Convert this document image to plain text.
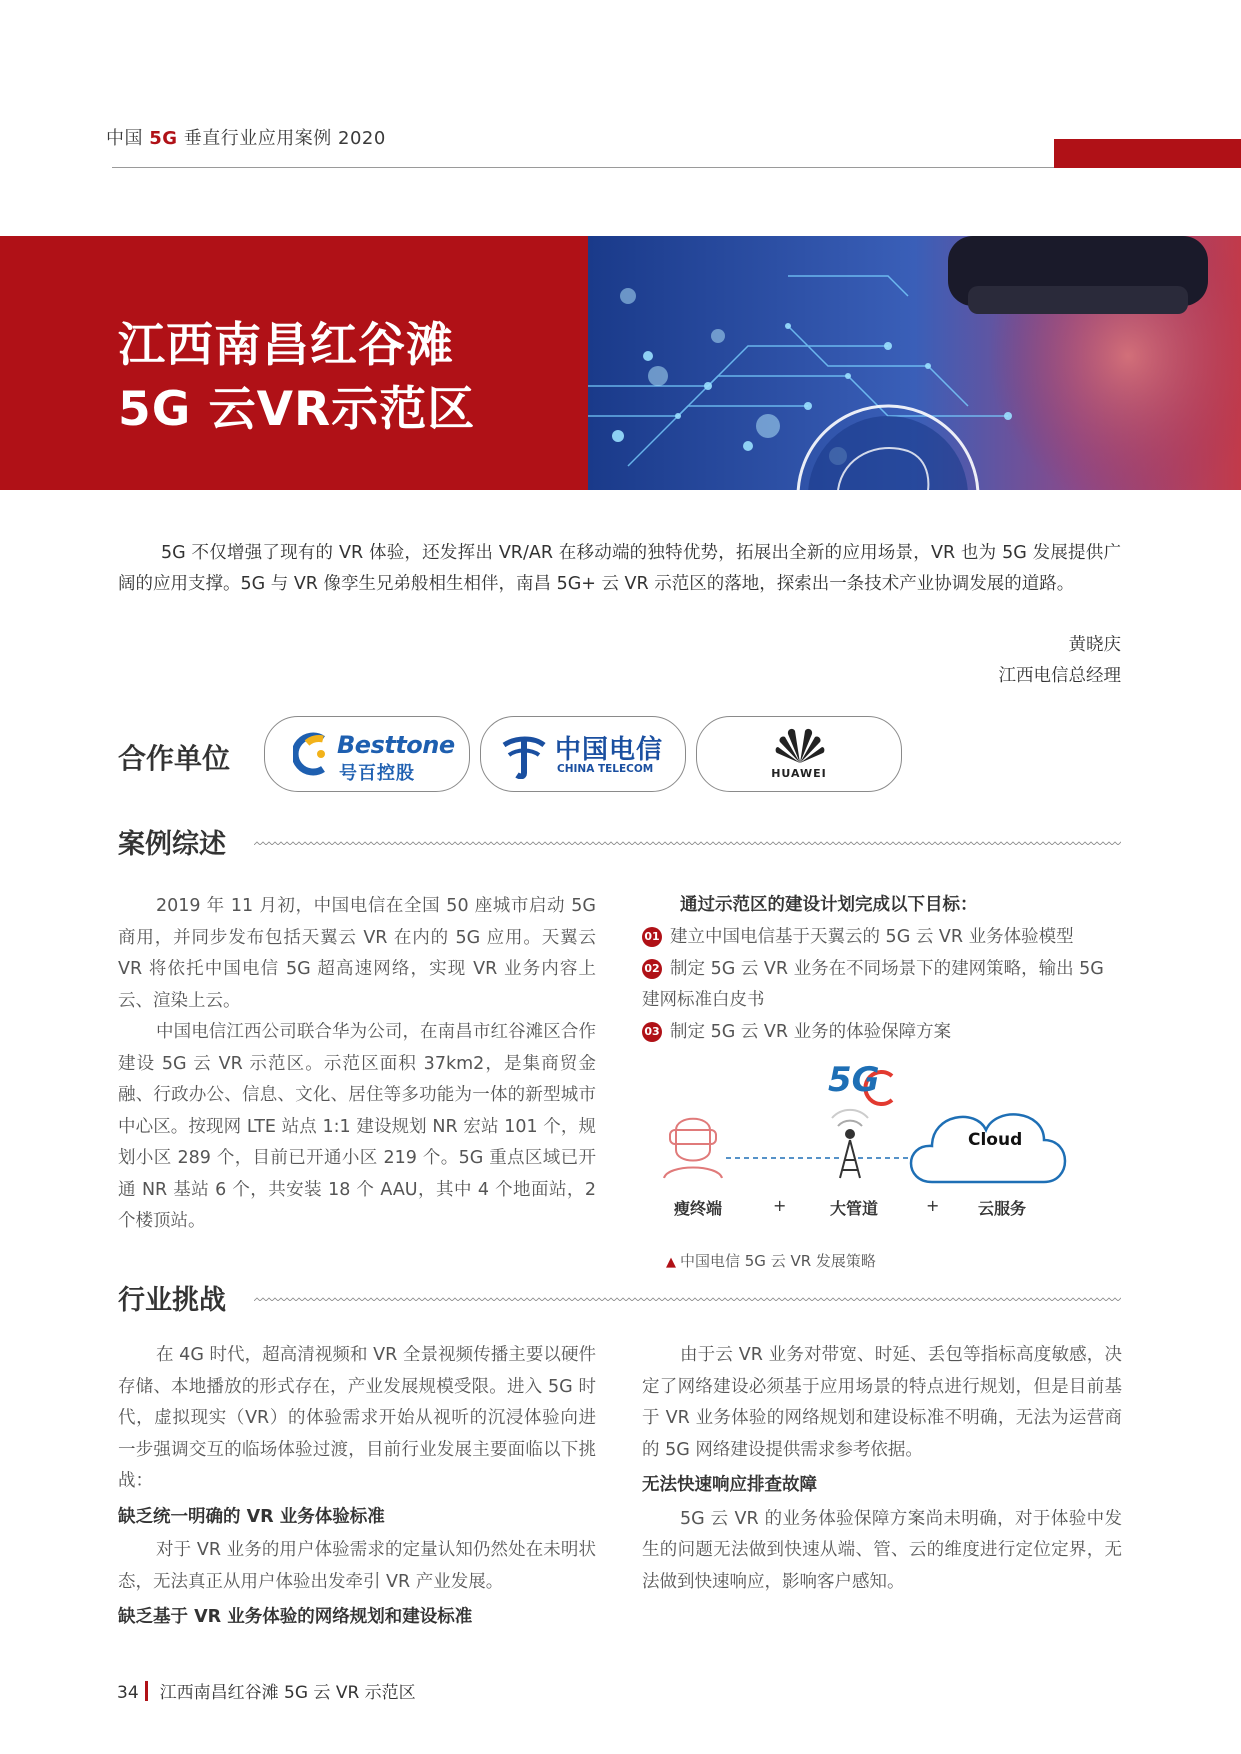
中国 5G 垂直行业应用案例 2020
江西南昌红谷滩
5G 云VR示范区

5G 不仅增强了现有的 VR 体验，还发挥出 VR/AR 在移动端的独特优势，拓展出全新的应用场景，VR 也为 5G 发展提供广阔的应用支撑。5G 与 VR 像孪生兄弟般相生相伴，南昌 5G+ 云 VR 示范区的落地，探索出一条技术产业协调发展的道路。

黄晓庆
江西电信总经理
合作单位	Besttone
号百控股
中国电信
CHINA TELECOM	HUAWEI
案例综述

2019 年 11 月初，中国电信在全国 50 座城市启动 5G 商用，并同步发布包括天翼云 VR 在内的 5G 应用。天翼云 VR 将依托中国电信 5G 超高速网络，实现 VR 业务内容上云、渲染上云。

中国电信江西公司联合华为公司，在南昌市红谷滩区合作建设 5G 云 VR 示范区。示范区面积 37km2，是集商贸金融、行政办公、信息、文化、居住等多功能为一体的新型城市中心区。按现网 LTE 站点 1:1 建设规划 NR 宏站 101 个，规划小区 289 个，目前已开通小区 219 个。5G 重点区域已开通 NR 基站 6 个，共安装 18 个 AAU，其中 4 个地面站，2 个楼顶站。

通过示范区的建设计划完成以下目标：
01 建立中国电信基于天翼云的 5G 云 VR 业务体验模型
02 制定 5G 云 VR 业务在不同场景下的建网策略，输出 5G 建网标准白皮书
03 制定 5G 云 VR 业务的体验保障方案
5G
Cloud
瘦终端	+	大管道	+ 云服务
▲ 中国电信 5G 云 VR 发展策略
行业挑战

在 4G 时代，超高清视频和 VR 全景视频传播主要以硬件存储、本地播放的形式存在，产业发展规模受限。进入 5G 时代，虚拟现实（VR）的体验需求开始从视听的沉浸体验向进一步强调交互的临场体验过渡，目前行业发展主要面临以下挑战：

缺乏统一明确的 VR 业务体验标准

对于 VR 业务的用户体验需求的定量认知仍然处在未明状态，无法真正从用户体验出发牵引 VR 产业发展。

缺乏基于 VR 业务体验的网络规划和建设标准

由于云 VR 业务对带宽、时延、丢包等指标高度敏感，决定了网络建设必须基于应用场景的特点进行规划，但是目前基于 VR 业务体验的网络规划和建设标准不明确，无法为运营商的 5G 网络建设提供需求参考依据。

无法快速响应排查故障

5G 云 VR 的业务体验保障方案尚未明确，对于体验中发生的问题无法做到快速从端、管、云的维度进行定位定界，无法做到快速响应，影响客户感知。

34 江西南昌红谷滩 5G 云 VR 示范区
